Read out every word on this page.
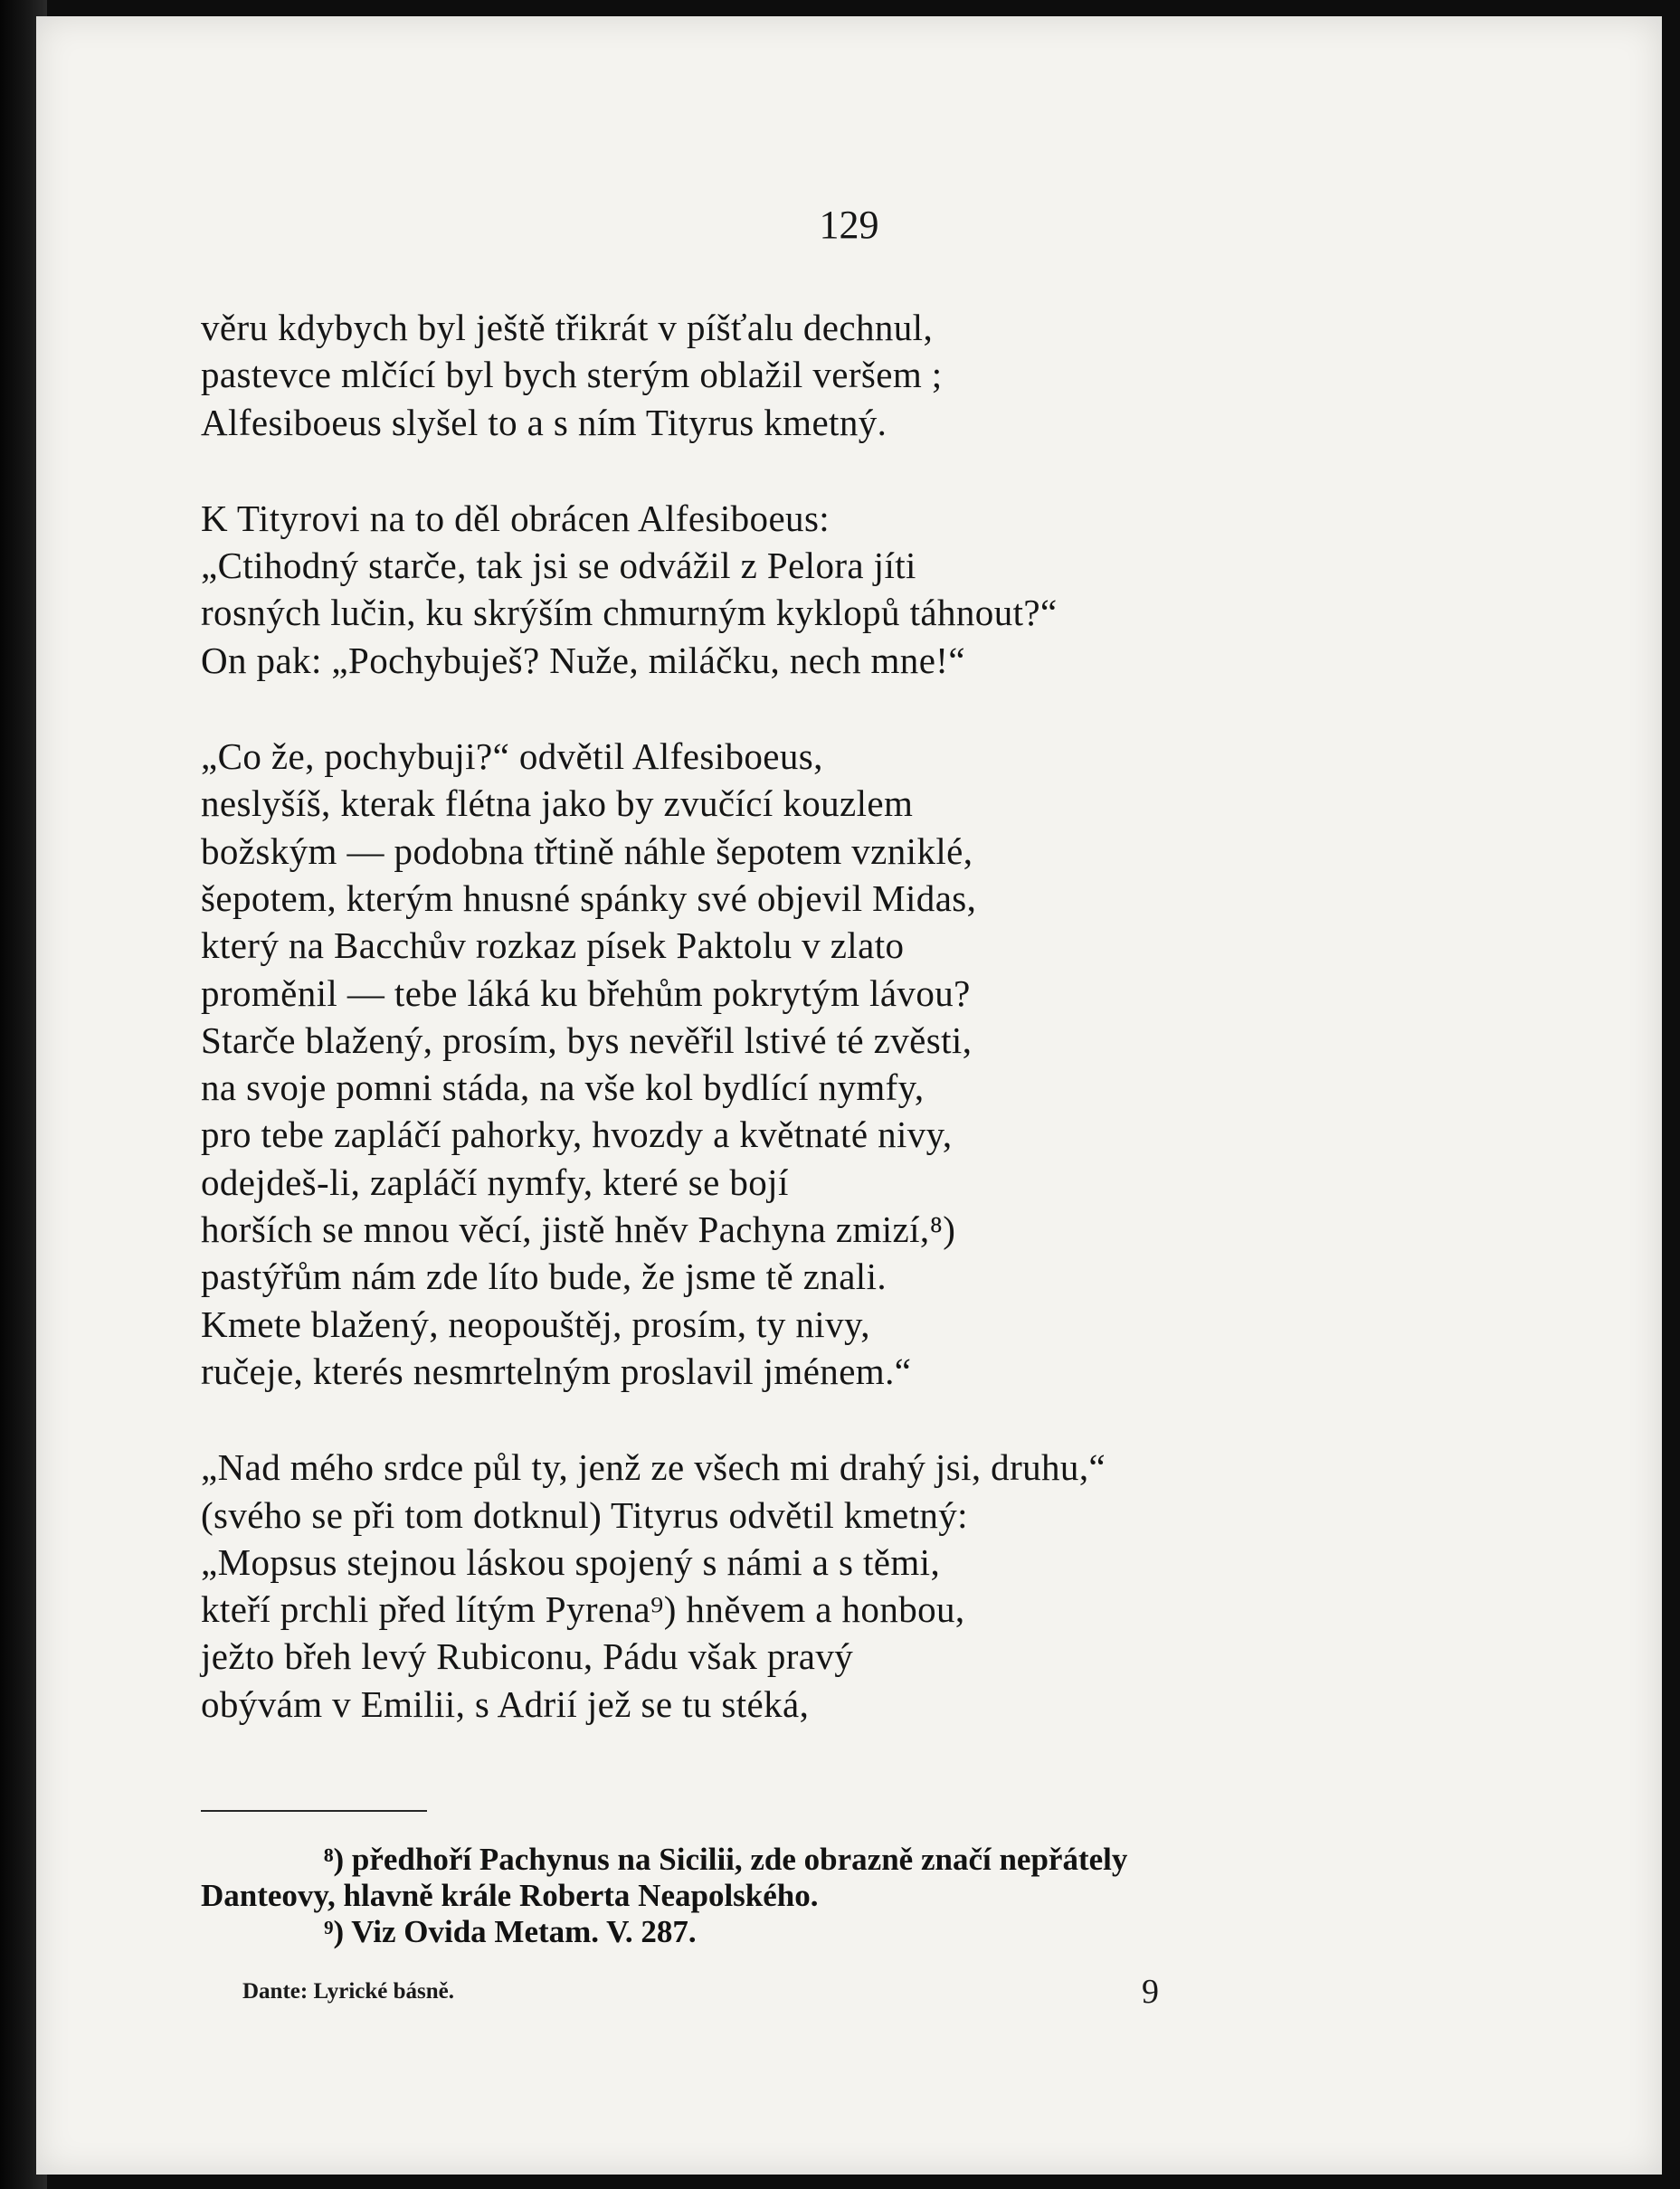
129
věru kdybych byl ještě třikrát v píšťalu dechnul,
pastevce mlčící byl bych sterým oblažil veršem ;
Alfesiboeus slyšel to a s ním Tityrus kmetný.
K Tityrovi na to děl obrácen Alfesiboeus:
„Ctihodný starče, tak jsi se odvážil z Pelora jíti
rosných lučin, ku skrýším chmurným kyklopů táhnout?“
On pak: „Pochybuješ? Nuže, miláčku, nech mne!“
„Co že, pochybuji?“ odvětil Alfesiboeus,
neslyšíš, kterak flétna jako by zvučící kouzlem
božským — podobna třtině náhle šepotem vzniklé,
šepotem, kterým hnusné spánky své objevil Midas,
který na Bacchův rozkaz písek Paktolu v zlato
proměnil — tebe láká ku břehům pokrytým lávou?
Starče blažený, prosím, bys nevěřil lstivé té zvěsti,
na svoje pomni stáda, na vše kol bydlící nymfy,
pro tebe zapláčí pahorky, hvozdy a květnaté nivy,
odejdeš-li, zapláčí nymfy, které se bojí
horších se mnou věcí, jistě hněv Pachyna zmizí,⁸)
pastýřům nám zde líto bude, že jsme tě znali.
Kmete blažený, neopouštěj, prosím, ty nivy,
ručeje, kterés nesmrtelným proslavil jménem.“
„Nad mého srdce půl ty, jenž ze všech mi drahý jsi, druhu,“
(svého se při tom dotknul) Tityrus odvětil kmetný:
„Mopsus stejnou láskou spojený s námi a s těmi,
kteří prchli před lítým Pyrena⁹) hněvem a honbou,
ježto břeh levý Rubiconu, Pádu však pravý
obývám v Emilii, s Adrií jež se tu stéká,
⁸) předhoří Pachynus na Sicilii, zde obrazně značí nepřátely
Danteovy, hlavně krále Roberta Neapolského.
⁹) Viz Ovida Metam. V. 287.
Dante: Lyrické básně.	9
